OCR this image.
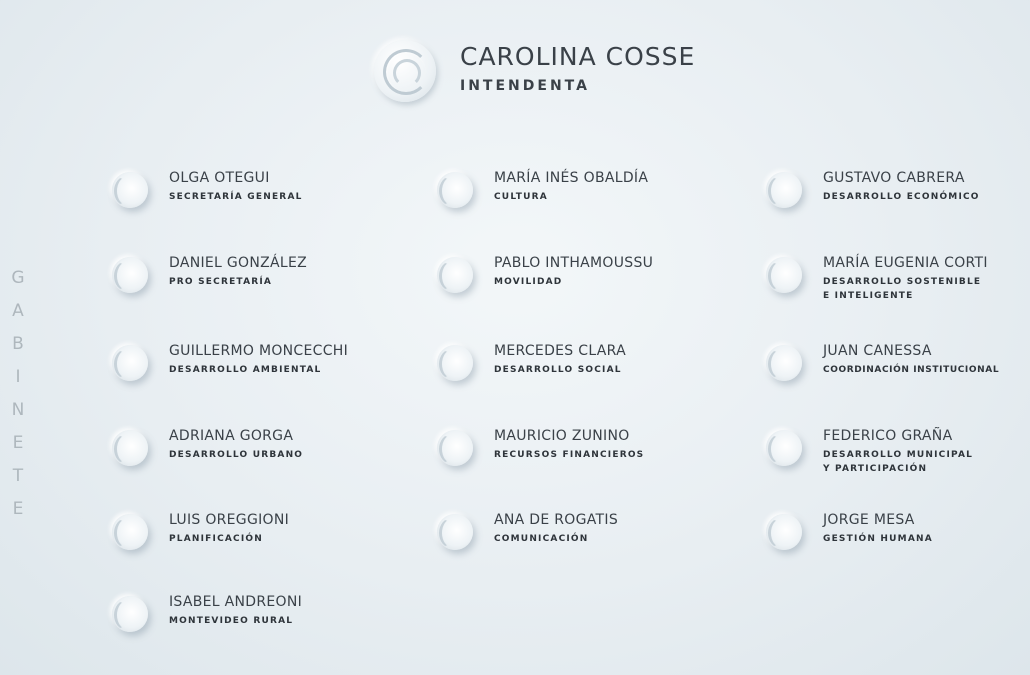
CAROLINA COSSE
INTENDENTA
G
A
B
I
N
E
T
E
OLGA OTEGUI
SECRETARÍA GENERAL
MARÍA INÉS OBALDÍA
CULTURA
GUSTAVO CABRERA
DESARROLLO ECONÓMICO
DANIEL GONZÁLEZ
PRO SECRETARÍA
PABLO INTHAMOUSSU
MOVILIDAD
MARÍA EUGENIA CORTI
DESARROLLO SOSTENIBLE
E INTELIGENTE
GUILLERMO MONCECCHI
DESARROLLO AMBIENTAL
MERCEDES CLARA
DESARROLLO SOCIAL
JUAN CANESSA
COORDINACIÓN INSTITUCIONAL
ADRIANA GORGA
DESARROLLO URBANO
MAURICIO ZUNINO
RECURSOS FINANCIEROS
FEDERICO GRAÑA
DESARROLLO MUNICIPAL
Y PARTICIPACIÓN
LUIS OREGGIONI
PLANIFICACIÓN
ANA DE ROGATIS
COMUNICACIÓN
JORGE MESA
GESTIÓN HUMANA
ISABEL ANDREONI
MONTEVIDEO RURAL
